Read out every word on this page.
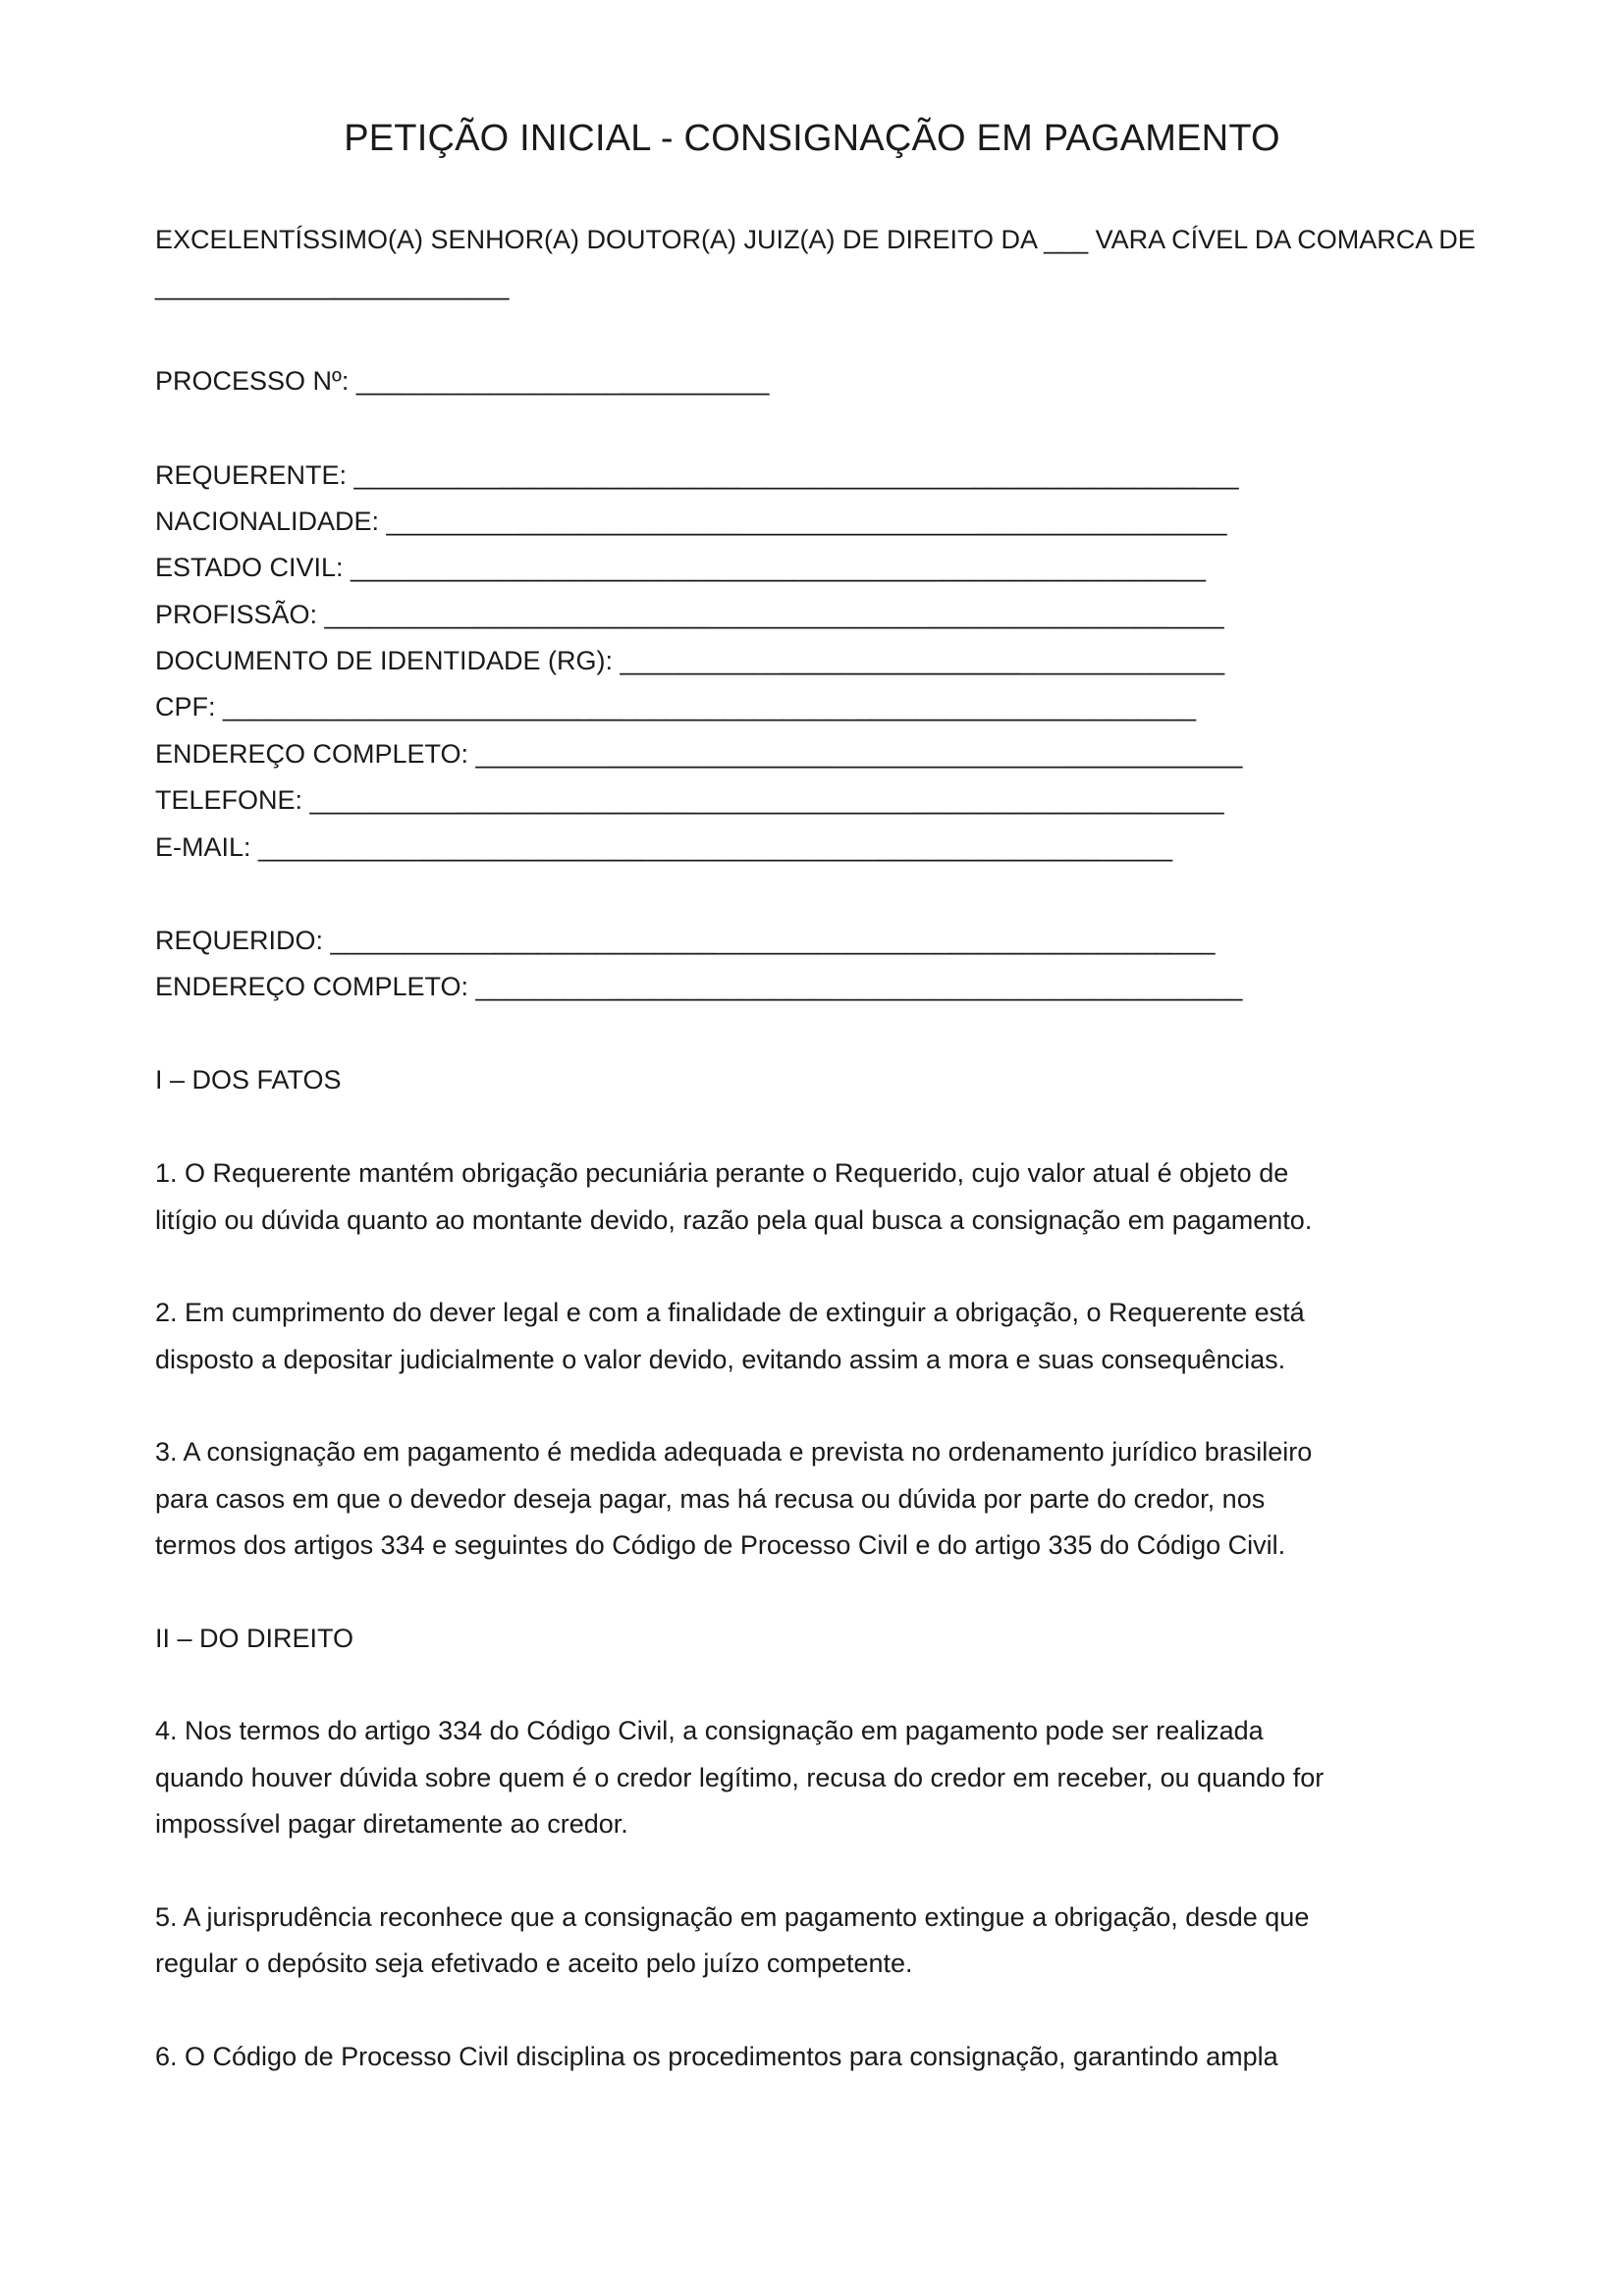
PETIÇÃO INICIAL - CONSIGNAÇÃO EM PAGAMENTO
EXCELENTÍSSIMO(A) SENHOR(A) DOUTOR(A) JUIZ(A) DE DIREITO DA ___ VARA CÍVEL DA COMARCA DE
________________________
PROCESSO Nº: ____________________________
REQUERENTE: ____________________________________________________________
NACIONALIDADE: _________________________________________________________
ESTADO CIVIL: __________________________________________________________
PROFISSÃO: _____________________________________________________________
DOCUMENTO DE IDENTIDADE (RG): _________________________________________
CPF: __________________________________________________________________
ENDEREÇO COMPLETO: ____________________________________________________
TELEFONE: ______________________________________________________________
E-MAIL: ______________________________________________________________
REQUERIDO: ____________________________________________________________
ENDEREÇO COMPLETO: ____________________________________________________
I – DOS FATOS
1. O Requerente mantém obrigação pecuniária perante o Requerido, cujo valor atual é objeto de
litígio ou dúvida quanto ao montante devido, razão pela qual busca a consignação em pagamento.
2. Em cumprimento do dever legal e com a finalidade de extinguir a obrigação, o Requerente está
disposto a depositar judicialmente o valor devido, evitando assim a mora e suas consequências.
3. A consignação em pagamento é medida adequada e prevista no ordenamento jurídico brasileiro
para casos em que o devedor deseja pagar, mas há recusa ou dúvida por parte do credor, nos
termos dos artigos 334 e seguintes do Código de Processo Civil e do artigo 335 do Código Civil.
II – DO DIREITO
4. Nos termos do artigo 334 do Código Civil, a consignação em pagamento pode ser realizada
quando houver dúvida sobre quem é o credor legítimo, recusa do credor em receber, ou quando for
impossível pagar diretamente ao credor.
5. A jurisprudência reconhece que a consignação em pagamento extingue a obrigação, desde que
regular o depósito seja efetivado e aceito pelo juízo competente.
6. O Código de Processo Civil disciplina os procedimentos para consignação, garantindo ampla
